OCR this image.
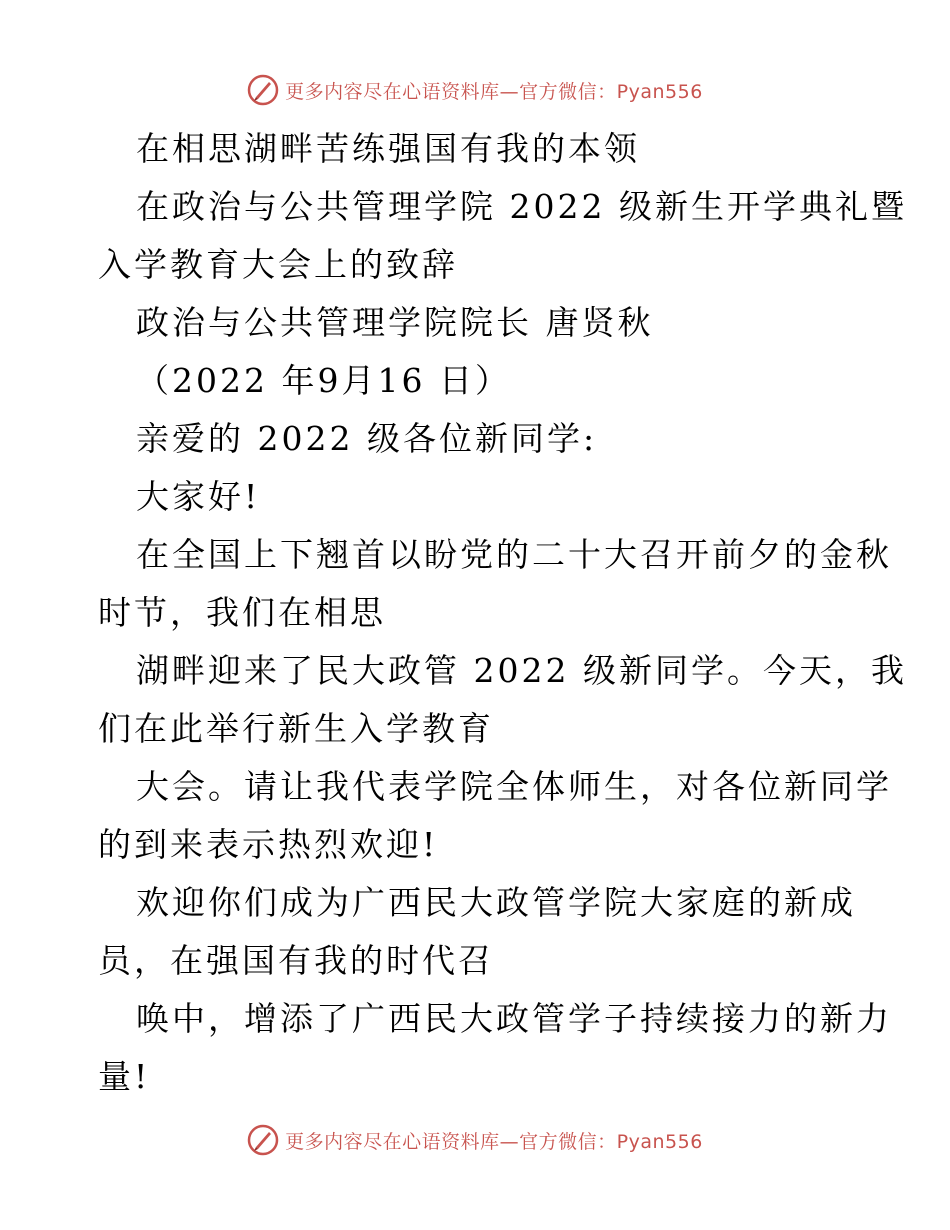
更多内容尽在心语资料库—官方微信：Pyan556
在相思湖畔苦练强国有我的本领
在政治与公共管理学院 2022 级新生开学典礼暨
入学教育大会上的致辞
政治与公共管理学院院长 唐贤秋
（2022 年9月16 日）
亲爱的 2022 级各位新同学:
大家好!
在全国上下翘首以盼党的二十大召开前夕的金秋
时节，我们在相思
湖畔迎来了民大政管 2022 级新同学。今天，我
们在此举行新生入学教育
大会。请让我代表学院全体师生，对各位新同学
的到来表示热烈欢迎!
欢迎你们成为广西民大政管学院大家庭的新成
员，在强国有我的时代召
唤中，增添了广西民大政管学子持续接力的新力
量!
更多内容尽在心语资料库—官方微信：Pyan556
